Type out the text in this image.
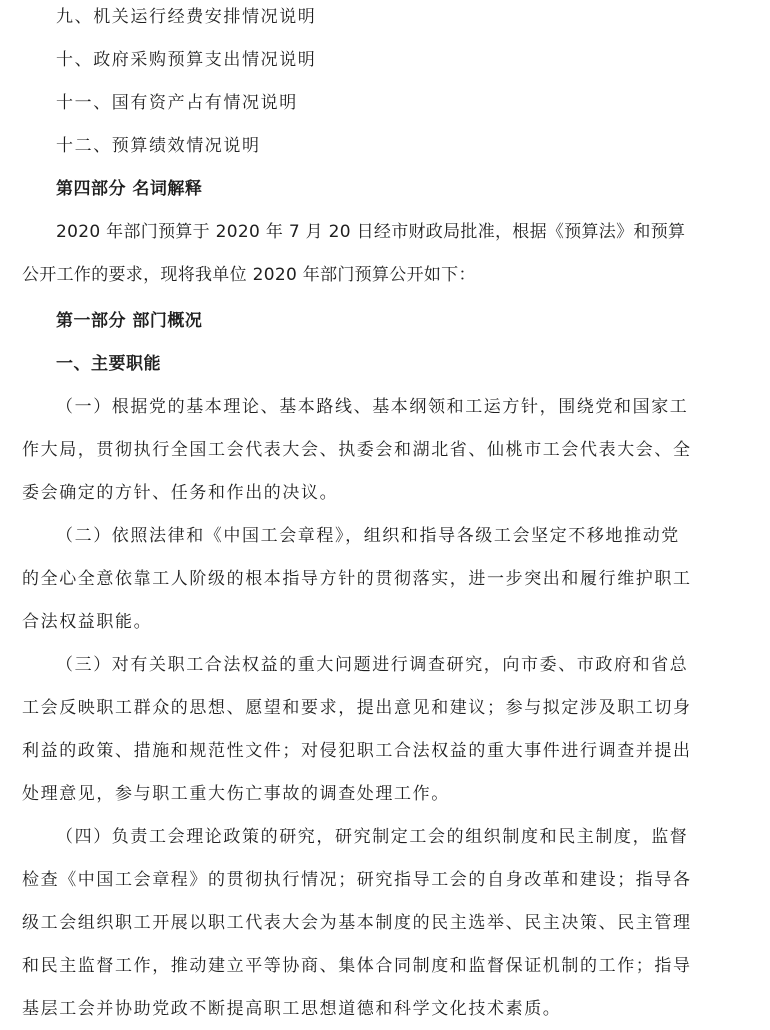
九、机关运行经费安排情况说明
十、政府采购预算支出情况说明
十一、国有资产占有情况说明
十二、预算绩效情况说明
第四部分 名词解释
2020 年部门预算于 2020 年 7 月 20 日经市财政局批准，根据《预算法》和预算
公开工作的要求，现将我单位 2020 年部门预算公开如下：
第一部分 部门概况
一、主要职能
（一）根据党的基本理论、基本路线、基本纲领和工运方针，围绕党和国家工
作大局，贯彻执行全国工会代表大会、执委会和湖北省、仙桃市工会代表大会、全
委会确定的方针、任务和作出的决议。
（二）依照法律和《中国工会章程》，组织和指导各级工会坚定不移地推动党
的全心全意依靠工人阶级的根本指导方针的贯彻落实，进一步突出和履行维护职工
合法权益职能。
（三）对有关职工合法权益的重大问题进行调查研究，向市委、市政府和省总
工会反映职工群众的思想、愿望和要求，提出意见和建议；参与拟定涉及职工切身
利益的政策、措施和规范性文件；对侵犯职工合法权益的重大事件进行调查并提出
处理意见，参与职工重大伤亡事故的调查处理工作。
（四）负责工会理论政策的研究，研究制定工会的组织制度和民主制度，监督
检查《中国工会章程》的贯彻执行情况；研究指导工会的自身改革和建设；指导各
级工会组织职工开展以职工代表大会为基本制度的民主选举、民主决策、民主管理
和民主监督工作，推动建立平等协商、集体合同制度和监督保证机制的工作；指导
基层工会并协助党政不断提高职工思想道德和科学文化技术素质。
